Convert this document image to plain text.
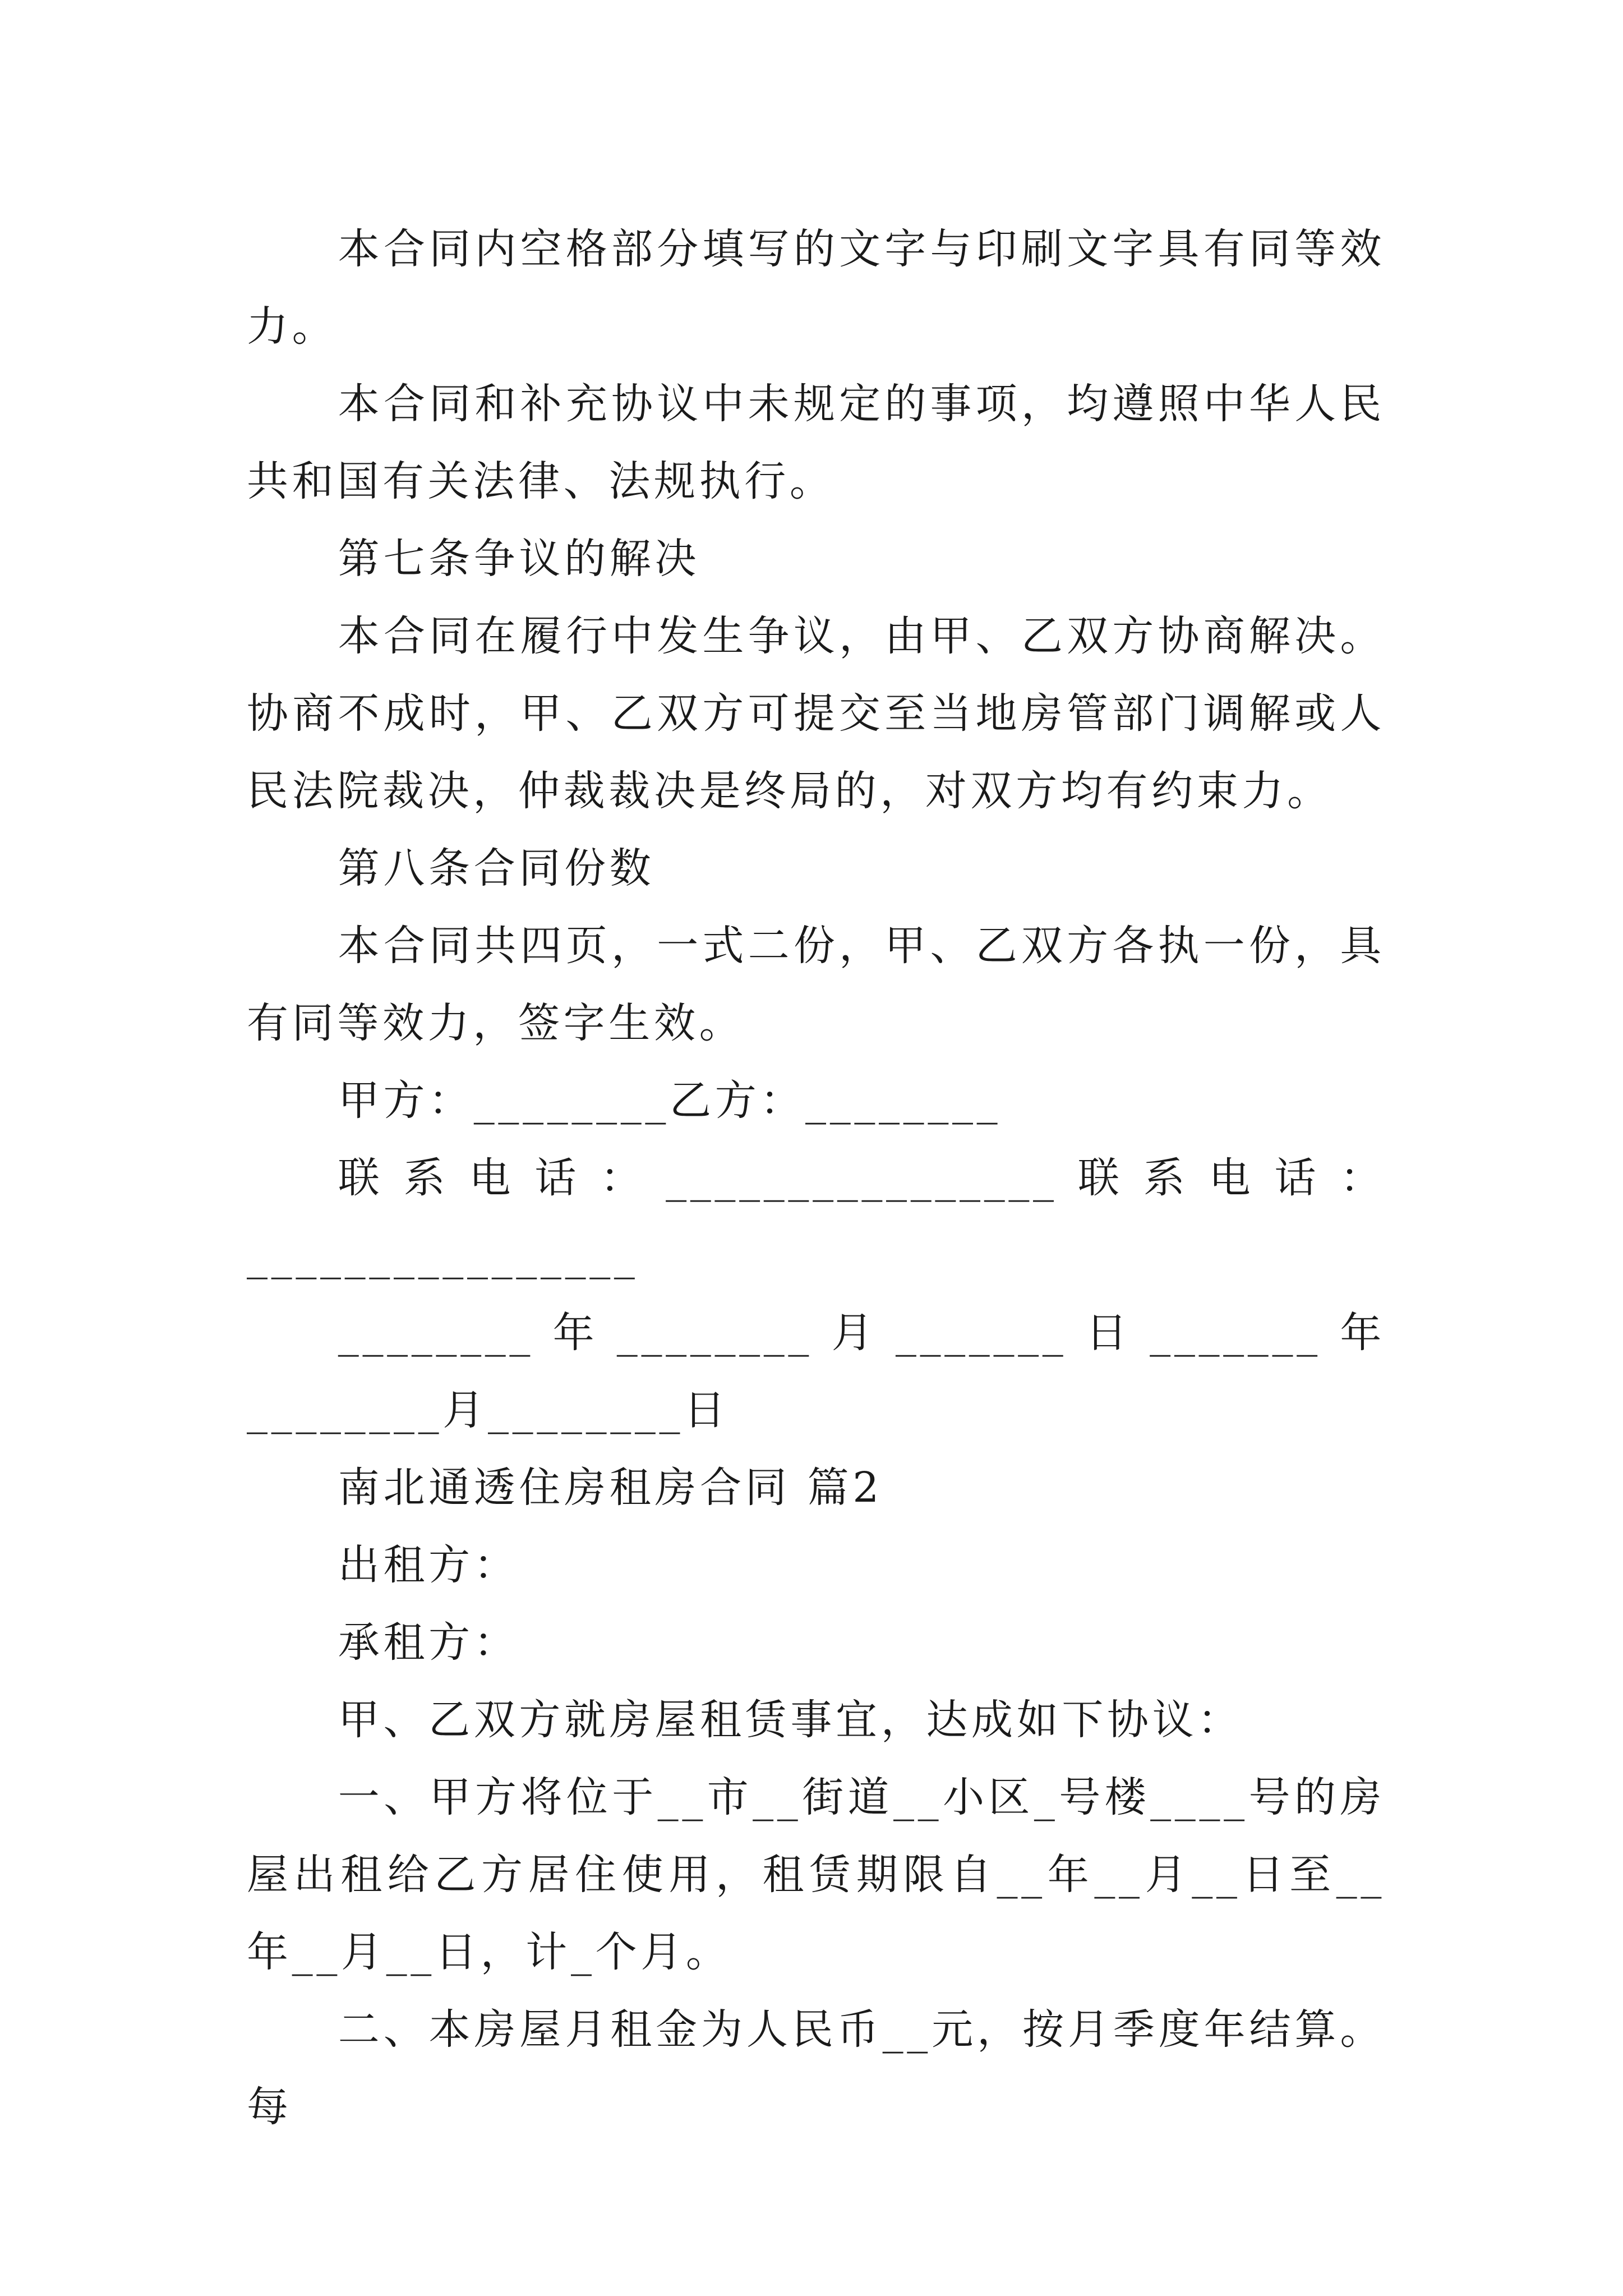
本合同内空格部分填写的文字与印刷文字具有同等效力。

本合同和补充协议中未规定的事项，均遵照中华人民共和国有关法律、法规执行。

第七条争议的解决

本合同在履行中发生争议，由甲、乙双方协商解决。协商不成时，甲、乙双方可提交至当地房管部门调解或人民法院裁决，仲裁裁决是终局的，对双方均有约束力。

第八条合同份数

本合同共四页，一式二份，甲、乙双方各执一份，具有同等效力，签字生效。

甲方：________乙方：________

联系电话：________________联系电话：________________

________年________月_______日_______年________月________日

南北通透住房租房合同 篇2

出租方：

承租方：

甲、乙双方就房屋租赁事宜，达成如下协议：

一、甲方将位于__市__街道__小区_号楼____号的房屋出租给乙方居住使用，租赁期限自__年__月__日至__年__月__日，计_个月。

二、本房屋月租金为人民币__元，按月季度年结算。每
